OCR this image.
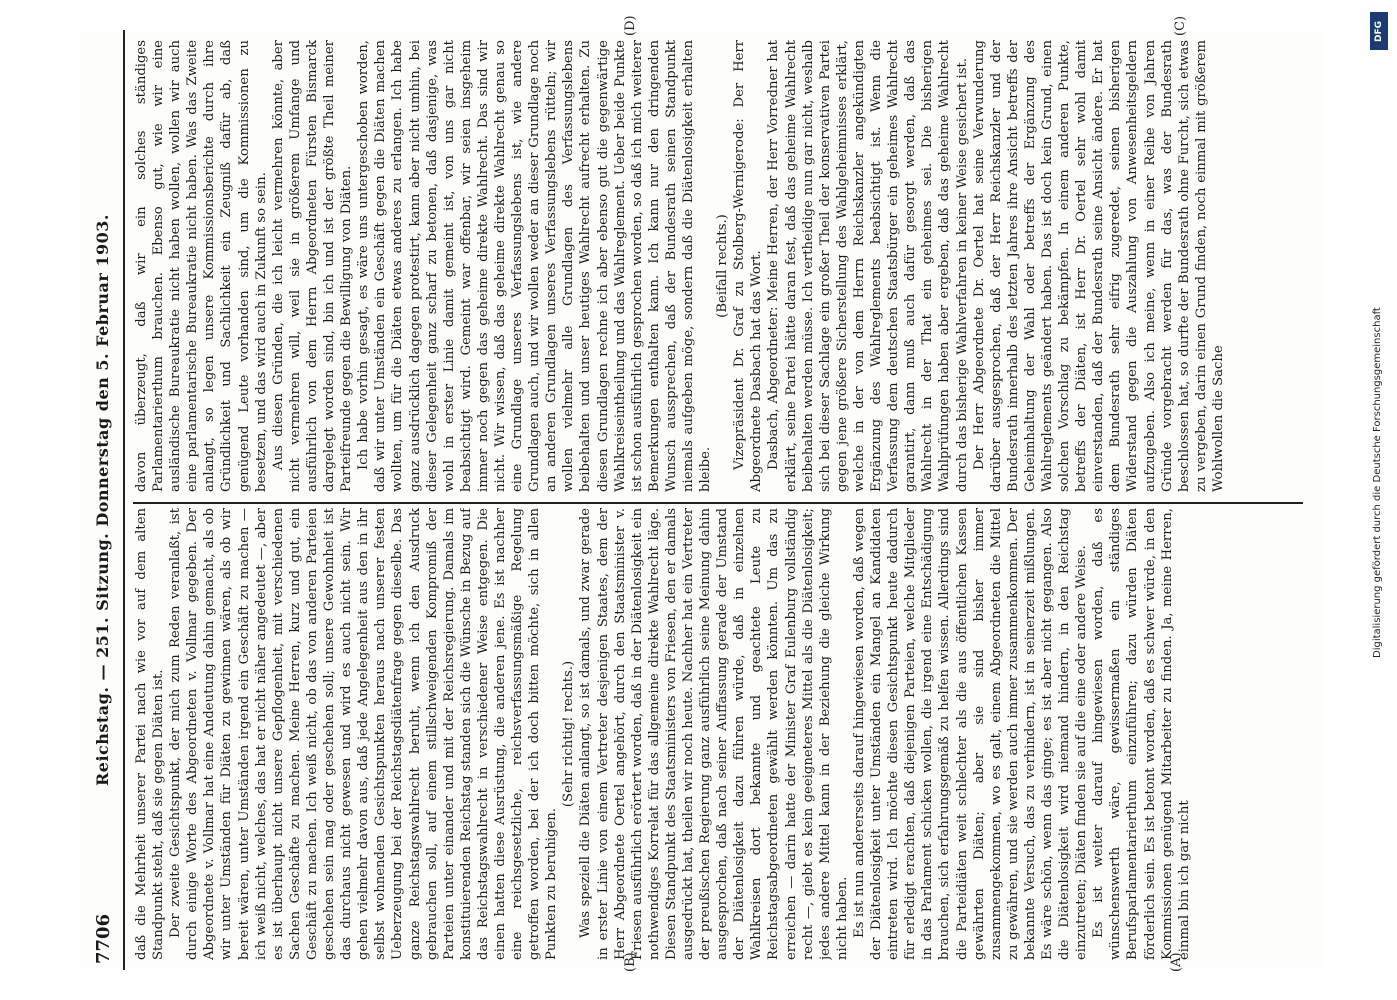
7706
Reichstag. — 251. Sitzung. Donnerstag den 5. Februar 1903. daß die Mehrheit unserer Partei nach wie vor auf dem alten Standpunkt steht, daß sie gegen Diäten ist. Der zweite Gesichtspunkt, der mich zum Reden veranlaßt, ist durch einige Worte des Abgeordneten v. Vollmar gegeben. Der Abgeordnete v. Vollmar hat eine Andeutung dahin gemacht, als ob wir unter Umständen für Diäten zu gewinnen wären, als ob wir bereit wären, unter Umständen irgend ein Geschäft zu machen — ich weiß nicht, welches, das hat er nicht näher angedeutet —, aber es ist überhaupt nicht unsere Gepflogenheit, mit verschiedenen Sachen Geschäfte zu machen. Meine Herren, kurz und gut, ein Geschäft zu machen. Ich weiß nicht, ob das von anderen Parteien geschehen sein mag oder geschehen soll; unsere Gewohnheit ist das durchaus nicht gewesen und wird es auch nicht sein. Wir gehen vielmehr davon aus, daß jede Angelegenheit aus den in ihr selbst wohnenden Gesichtspunkten heraus nach unserer festen Ueberzeugung bei der Reichstagsdiätenfrage gegen dieselbe. Das ganze Reichstagswahlrecht beruht, wenn ich den Ausdruck gebrauchen soll, auf einem stillschweigenden Kompromiß der Parteien unter einander und mit der Reichsregierung. Damals im konstituierenden Reichstag standen sich die Wünsche in Bezug auf das Reichstagswahlrecht in verschiedener Weise entgegen. Die einen hatten diese Ausrüstung, die anderen jene. Es ist nachher eine reichsgesetzliche, reichsverfassungsmäßige Regelung getroffen worden, bei der ich doch bitten möchte, sich in allen Punkten zu beruhigen.

(Sehr richtig! rechts.) Was speziell die Diäten anlangt, so ist damals, und zwar gerade in erster Linie von einem Vertreter desjenigen Staates, dem der Herr Abgeordnete Oertel angehört, durch den Staatsminister v. Friesen ausführlich erörtert worden, daß in der Diätenlosigkeit ein nothwendiges Korrelat für das allgemeine direkte Wahlrecht läge. Diesen Standpunkt des Staatsministers von Friesen, den er damals ausgedrückt hat, theilen wir noch heute. Nachher hat ein Vertreter der preußischen Regierung ganz ausführlich seine Meinung dahin ausgesprochen, daß nach seiner Auffassung gerade der Umstand der Diätenlosigkeit dazu führen würde, daß in einzelnen Wahlkreisen dort bekannte und geachtete Leute zu Reichstagsabgeordneten gewählt werden könnten. Um das zu erreichen — darin hatte der Minister Graf Eulenburg vollständig recht —, giebt es kein geeigneteres Mittel als die Diätenlosigkeit; jedes andere Mittel kann in der Beziehung die gleiche Wirkung nicht haben. Es ist nun andererseits darauf hingewiesen worden, daß wegen der Diätenlosigkeit unter Umständen ein Mangel an Kandidaten eintreten wird. Ich möchte diesen Gesichtspunkt heute dadurch für erledigt erachten, daß diejenigen Parteien, welche Mitglieder in das Parlament schicken wollen, die irgend eine Entschädigung brauchen, sich erfahrungsgemäß zu helfen wissen. Allerdings sind die Parteidiäten weit schlechter als die aus öffentlichen Kassen gewährten Diäten; aber sie sind bisher immer zusammengekommen, wo es galt, einem Abgeordneten die Mittel zu gewähren, und sie werden auch immer zusammenkommen. Der bekannte Versuch, das zu verhindern, ist in seinerzeit mißlungen. Es wäre schön, wenn das ginge; es ist aber nicht gegangen. Also die Diätenlosigkeit wird niemand hindern, in den Reichstag einzutreten; Diäten finden sie auf die eine oder andere Weise. Es ist weiter darauf hingewiesen worden, daß es wünschenswerth wäre, gewissermaßen ein ständiges Berufsparlamentarierthum einzuführen; dazu würden Diäten förderlich sein. Es ist betont worden, daß es schwer würde, in den Kommissionen genügend Mitarbeiter zu finden. Ja, meine Herren, einmal bin ich gar nicht

davon überzeugt, daß wir ein solches ständiges Parlamentarierthum brauchen. Ebenso gut, wie wir eine ausländische Bureaukratie nicht haben wollen, wollen wir auch eine parlamentarische Bureaukratie nicht haben. Was das Zweite anlangt, so legen unsere Kommissionsberichte durch ihre Gründlichkeit und Sachlichkeit ein Zeugniß dafür ab, daß genügend Leute vorhanden sind, um die Kommissionen zu besetzen, und das wird auch in Zukunft so sein. Aus diesen Gründen, die ich leicht vermehren könnte, aber nicht vermehren will, weil sie in größerem Umfange und ausführlich von dem Herrn Abgeordneten Fürsten Bismarck dargelegt worden sind, bin ich und ist der größte Theil meiner Parteifreunde gegen die Bewilligung von Diäten. Ich habe vorhin gesagt, es wäre uns untergeschoben worden, daß wir unter Umständen ein Geschäft gegen die Diäten machen wollten, um für die Diäten etwas anderes zu erlangen. Ich habe ganz ausdrücklich dagegen protestirt, kann aber nicht umhin, bei dieser Gelegenheit ganz scharf zu betonen, daß dasjenige, was wohl in erster Linie damit gemeint ist, von uns gar nicht beabsichtigt wird. Gemeint war offenbar, wir seien insgeheim immer noch gegen das geheime direkte Wahlrecht. Das sind wir nicht. Wir wissen, daß das geheime direkte Wahlrecht genau so eine Grundlage unseres Verfassungslebens ist, wie andere Grundlagen auch, und wir wollen weder an dieser Grundlage noch an anderen Grundlagen unseres Verfassungslebens rütteln; wir wollen vielmehr alle Grundlagen des Verfassungslebens beibehalten und unser heutiges Wahlrecht aufrecht erhalten. Zu diesen Grundlagen rechne ich aber ebenso gut die gegenwärtige Wahlkreiseintheilung und das Wahlreglement. Ueber beide Punkte ist schon ausführlich gesprochen worden, so daß ich mich weiterer Bemerkungen enthalten kann. Ich kann nur den dringenden Wunsch aussprechen, daß der Bundesrath seinen Standpunkt niemals aufgeben möge, sondern daß die Diätenlosigkeit erhalten bleibe.

(Beifall rechts.) Vizepräsident Dr. Graf zu Stolberg-Wernigerode: Der Herr Abgeordnete Dasbach hat das Wort. Dasbach, Abgeordneter: Meine Herren, der Herr Vorredner hat erklärt, seine Partei hätte daran fest, daß das geheime Wahlrecht beibehalten werden müsse. Ich vertheidige nun gar nicht, weshalb sich bei dieser Sachlage ein großer Theil der konservativen Partei gegen jene größere Sicherstellung des Wahlgeheimnisses erklärt, welche in der von dem Herrn Reichskanzler angekündigten Ergänzung des Wahlreglements beabsichtigt ist. Wenn die Verfassung dem deutschen Staatsbürger ein geheimes Wahlrecht garantirt, dann muß auch dafür gesorgt werden, daß das Wahlrecht in der That ein geheimes sei. Die bisherigen Wahlprüfungen haben aber ergeben, daß das geheime Wahlrecht durch das bisherige Wahlverfahren in keiner Weise gesichert ist. Der Herr Abgeordnete Dr. Oertel hat seine Verwunderung darüber ausgesprochen, daß der Herr Reichskanzler und der Bundesrath innerhalb des letzten Jahres ihre Ansicht betreffs der Geheimhaltung der Wahl oder betreffs der Ergänzung des Wahlreglements geändert haben. Das ist doch kein Grund, einen solchen Vorschlag zu bekämpfen. In einem anderen Punkte, betreffs der Diäten, ist Herr Dr. Oertel sehr wohl damit einverstanden, daß der Bundesrath seine Ansicht ändere. Er hat dem Bundesrath sehr eifrig zugeredet, seinen bisherigen Widerstand gegen die Auszahlung von Anwesenheitsgeldern aufzugeben. Also ich meine, wenn in einer Reihe von Jahren Gründe vorgebracht werden für das, was der Bundesrath beschlossen hat, so durfte der Bundesrath ohne Furcht, sich etwas zu vergeben, darin einen Grund finden, noch einmal mit größerem Wohlwollen die Sache

(A)
(B)
(C)
(D)	DFG
Digitalisierung gefördert durch die Deutsche Forschungsgemeinschaft
